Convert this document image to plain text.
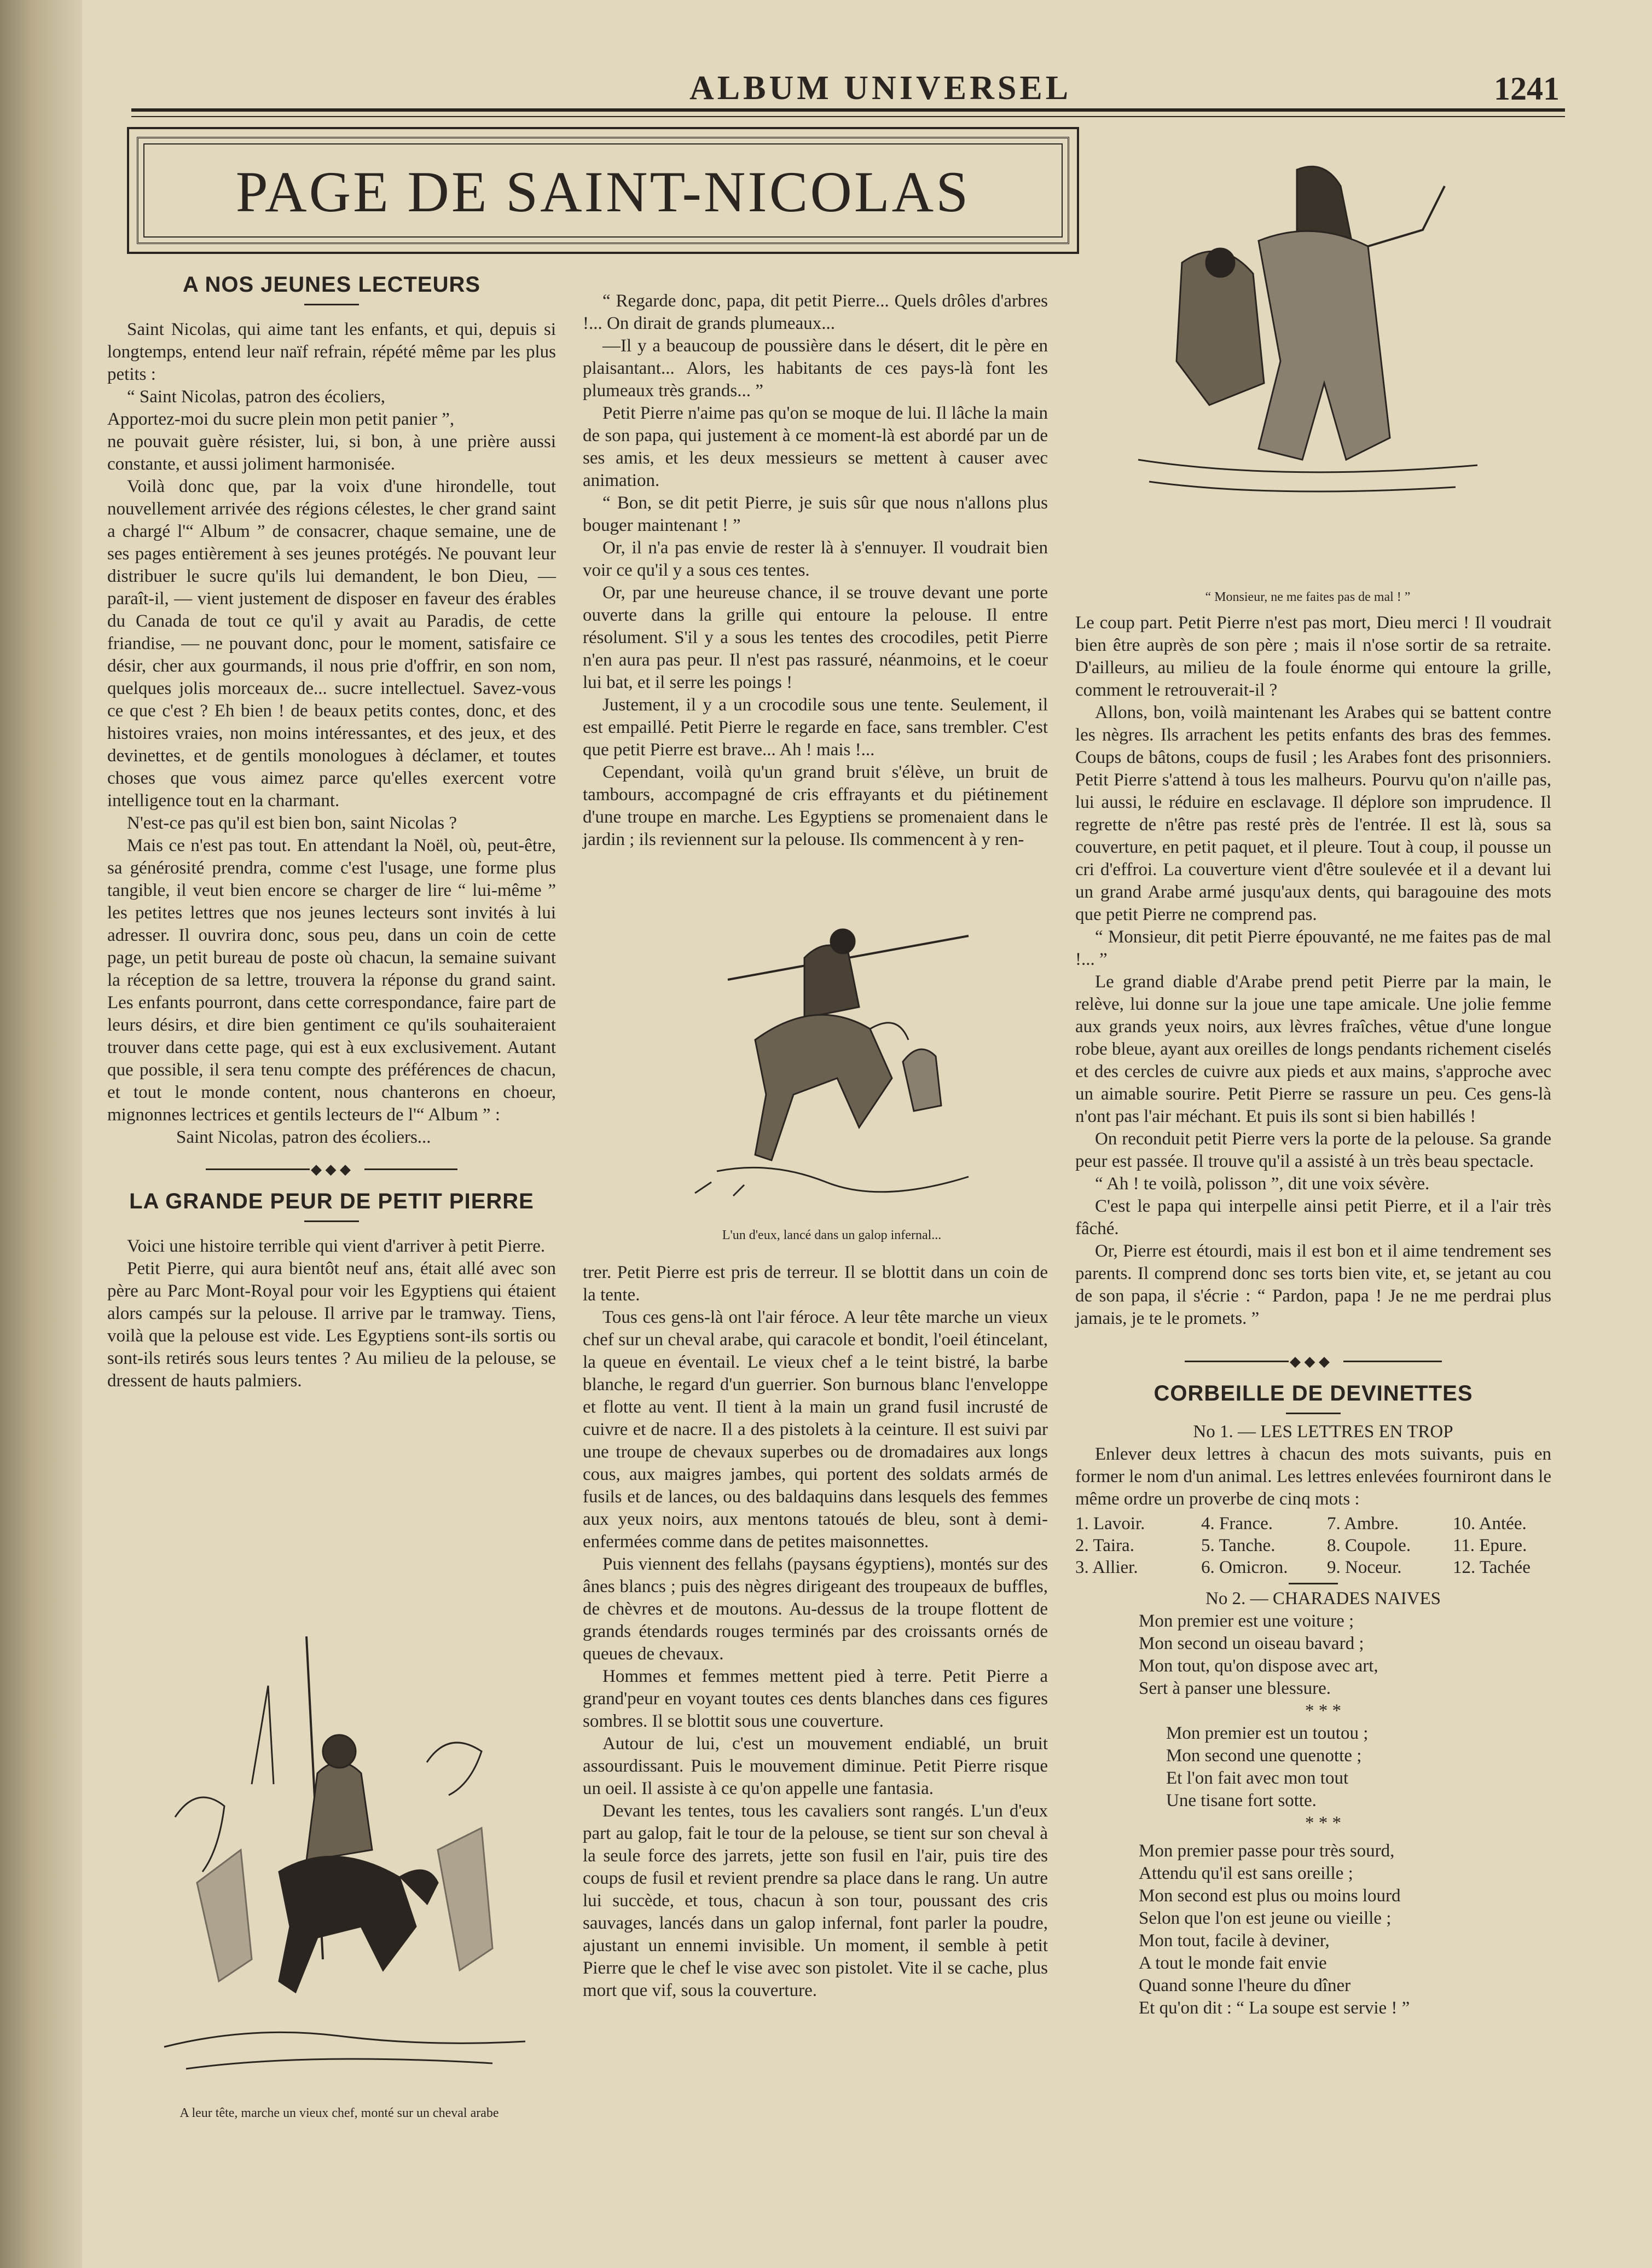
ALBUM UNIVERSEL	1241
PAGE DE SAINT-NICOLAS
A NOS JEUNES LECTEURS

Saint Nicolas, qui aime tant les enfants, et qui, depuis si longtemps, entend leur naïf refrain, répété même par les plus petits :

“ Saint Nicolas, patron des écoliers,
Apportez-moi du sucre plein mon petit panier ”,

ne pouvait guère résister, lui, si bon, à une prière aussi constante, et aussi joliment harmonisée.

Voilà donc que, par la voix d'une hirondelle, tout nouvellement arrivée des régions célestes, le cher grand saint a chargé l'“ Album ” de consacrer, chaque semaine, une de ses pages entièrement à ses jeunes protégés. Ne pouvant leur distribuer le sucre qu'ils lui demandent, le bon Dieu, — paraît-il, — vient justement de disposer en faveur des érables du Canada de tout ce qu'il y avait au Paradis, de cette friandise, — ne pouvant donc, pour le moment, satisfaire ce désir, cher aux gourmands, il nous prie d'offrir, en son nom, quelques jolis morceaux de... sucre intellectuel. Savez-vous ce que c'est ? Eh bien ! de beaux petits contes, donc, et des histoires vraies, non moins intéressantes, et des jeux, et des devinettes, et de gentils monologues à déclamer, et toutes choses que vous aimez parce qu'elles exercent votre intelligence tout en la charmant.

N'est-ce pas qu'il est bien bon, saint Nicolas ?

Mais ce n'est pas tout. En attendant la Noël, où, peut-être, sa générosité prendra, comme c'est l'usage, une forme plus tangible, il veut bien encore se charger de lire “ lui-même ” les petites lettres que nos jeunes lecteurs sont invités à lui adresser. Il ouvrira donc, sous peu, dans un coin de cette page, un petit bureau de poste où chacun, la semaine suivant la réception de sa lettre, trouvera la réponse du grand saint. Les enfants pourront, dans cette correspondance, faire part de leurs désirs, et dire bien gentiment ce qu'ils souhaiteraient trouver dans cette page, qui est à eux exclusivement. Autant que possible, il sera tenu compte des préférences de chacun, et tout le monde content, nous chanterons en choeur, mignonnes lectrices et gentils lecteurs de l'“ Album ” :

Saint Nicolas, patron des écoliers...

◆ ◆ ◆
LA GRANDE PEUR DE PETIT PIERRE

Voici une histoire terrible qui vient d'arriver à petit Pierre.

Petit Pierre, qui aura bientôt neuf ans, était allé avec son père au Parc Mont-Royal pour voir les Egyptiens qui étaient alors campés sur la pelouse. Il arrive par le tramway. Tiens, voilà que la pelouse est vide. Les Egyptiens sont-ils sortis ou sont-ils retirés sous leurs tentes ? Au milieu de la pelouse, se dressent de hauts palmiers.

A leur tête, marche un vieux chef, monté sur un cheval arabe

“ Regarde donc, papa, dit petit Pierre... Quels drôles d'arbres !... On dirait de grands plumeaux...

—Il y a beaucoup de poussière dans le désert, dit le père en plaisantant... Alors, les habitants de ces pays-là font les plumeaux très grands... ”

Petit Pierre n'aime pas qu'on se moque de lui. Il lâche la main de son papa, qui justement à ce moment-là est abordé par un de ses amis, et les deux messieurs se mettent à causer avec animation.

“ Bon, se dit petit Pierre, je suis sûr que nous n'allons plus bouger maintenant ! ”

Or, il n'a pas envie de rester là à s'ennuyer. Il voudrait bien voir ce qu'il y a sous ces tentes.

Or, par une heureuse chance, il se trouve devant une porte ouverte dans la grille qui entoure la pelouse. Il entre résolument. S'il y a sous les tentes des crocodiles, petit Pierre n'en aura pas peur. Il n'est pas rassuré, néanmoins, et le coeur lui bat, et il serre les poings !

Justement, il y a un crocodile sous une tente. Seulement, il est empaillé. Petit Pierre le regarde en face, sans trembler. C'est que petit Pierre est brave... Ah ! mais !...

Cependant, voilà qu'un grand bruit s'élève, un bruit de tambours, accompagné de cris effrayants et du piétinement d'une troupe en marche. Les Egyptiens se promenaient dans le jardin ; ils reviennent sur la pelouse. Ils commencent à y ren-

L'un d'eux, lancé dans un galop infernal...

trer. Petit Pierre est pris de terreur. Il se blottit dans un coin de la tente.

Tous ces gens-là ont l'air féroce. A leur tête marche un vieux chef sur un cheval arabe, qui caracole et bondit, l'oeil étincelant, la queue en éventail. Le vieux chef a le teint bistré, la barbe blanche, le regard d'un guerrier. Son burnous blanc l'enveloppe et flotte au vent. Il tient à la main un grand fusil incrusté de cuivre et de nacre. Il a des pistolets à la ceinture. Il est suivi par une troupe de chevaux superbes ou de dromadaires aux longs cous, aux maigres jambes, qui portent des soldats armés de fusils et de lances, ou des baldaquins dans lesquels des femmes aux yeux noirs, aux mentons tatoués de bleu, sont à demi-enfermées comme dans de petites maisonnettes.

Puis viennent des fellahs (paysans égyptiens), montés sur des ânes blancs ; puis des nègres dirigeant des troupeaux de buffles, de chèvres et de moutons. Au-dessus de la troupe flottent de grands étendards rouges terminés par des croissants ornés de queues de chevaux.

Hommes et femmes mettent pied à terre. Petit Pierre a grand'peur en voyant toutes ces dents blanches dans ces figures sombres. Il se blottit sous une couverture.

Autour de lui, c'est un mouvement endiablé, un bruit assourdissant. Puis le mouvement diminue. Petit Pierre risque un oeil. Il assiste à ce qu'on appelle une fantasia.

Devant les tentes, tous les cavaliers sont rangés. L'un d'eux part au galop, fait le tour de la pelouse, se tient sur son cheval à la seule force des jarrets, jette son fusil en l'air, puis tire des coups de fusil et revient prendre sa place dans le rang. Un autre lui succède, et tous, chacun à son tour, poussant des cris sauvages, lancés dans un galop infernal, font parler la poudre, ajustant un ennemi invisible. Un moment, il semble à petit Pierre que le chef le vise avec son pistolet. Vite il se cache, plus mort que vif, sous la couverture.

“ Monsieur, ne me faites pas de mal ! ”

Le coup part. Petit Pierre n'est pas mort, Dieu merci ! Il voudrait bien être auprès de son père ; mais il n'ose sortir de sa retraite. D'ailleurs, au milieu de la foule énorme qui entoure la grille, comment le retrouverait-il ?

Allons, bon, voilà maintenant les Arabes qui se battent contre les nègres. Ils arrachent les petits enfants des bras des femmes. Coups de bâtons, coups de fusil ; les Arabes font des prisonniers. Petit Pierre s'attend à tous les malheurs. Pourvu qu'on n'aille pas, lui aussi, le réduire en esclavage. Il déplore son imprudence. Il regrette de n'être pas resté près de l'entrée. Il est là, sous sa couverture, en petit paquet, et il pleure. Tout à coup, il pousse un cri d'effroi. La couverture vient d'être soulevée et il a devant lui un grand Arabe armé jusqu'aux dents, qui baragouine des mots que petit Pierre ne comprend pas.

“ Monsieur, dit petit Pierre épouvanté, ne me faites pas de mal !... ”

Le grand diable d'Arabe prend petit Pierre par la main, le relève, lui donne sur la joue une tape amicale. Une jolie femme aux grands yeux noirs, aux lèvres fraîches, vêtue d'une longue robe bleue, ayant aux oreilles de longs pendants richement ciselés et des cercles de cuivre aux pieds et aux mains, s'approche avec un aimable sourire. Petit Pierre se rassure un peu. Ces gens-là n'ont pas l'air méchant. Et puis ils sont si bien habillés !

On reconduit petit Pierre vers la porte de la pelouse. Sa grande peur est passée. Il trouve qu'il a assisté à un très beau spectacle.

“ Ah ! te voilà, polisson ”, dit une voix sévère.

C'est le papa qui interpelle ainsi petit Pierre, et il a l'air très fâché.

Or, Pierre est étourdi, mais il est bon et il aime tendrement ses parents. Il comprend donc ses torts bien vite, et, se jetant au cou de son papa, il s'écrie : “ Pardon, papa ! Je ne me perdrai plus jamais, je te le promets. ”

◆ ◆ ◆
CORBEILLE DE DEVINETTES

No 1. — LES LETTRES EN TROP

Enlever deux lettres à chacun des mots suivants, puis en former le nom d'un animal. Les lettres enlevées fourniront dans le même ordre un proverbe de cinq mots :

1. Lavoir.	4. France.	7. Ambre.	10. Antée.
2. Taira.	5. Tanche.	8. Coupole.	11. Epure.
3. Allier.	6. Omicron.	9. Noceur.	12. Tachée

No 2. — CHARADES NAIVES

Mon premier est une voiture ;

Mon second un oiseau bavard ;

Mon tout, qu'on dispose avec art,

Sert à panser une blessure.

* * *

Mon premier est un toutou ;

Mon second une quenotte ;

Et l'on fait avec mon tout

Une tisane fort sotte.

* * *

Mon premier passe pour très sourd,

Attendu qu'il est sans oreille ;

Mon second est plus ou moins lourd

Selon que l'on est jeune ou vieille ;

Mon tout, facile à deviner,

A tout le monde fait envie

Quand sonne l'heure du dîner

Et qu'on dit : “ La soupe est servie ! ”
